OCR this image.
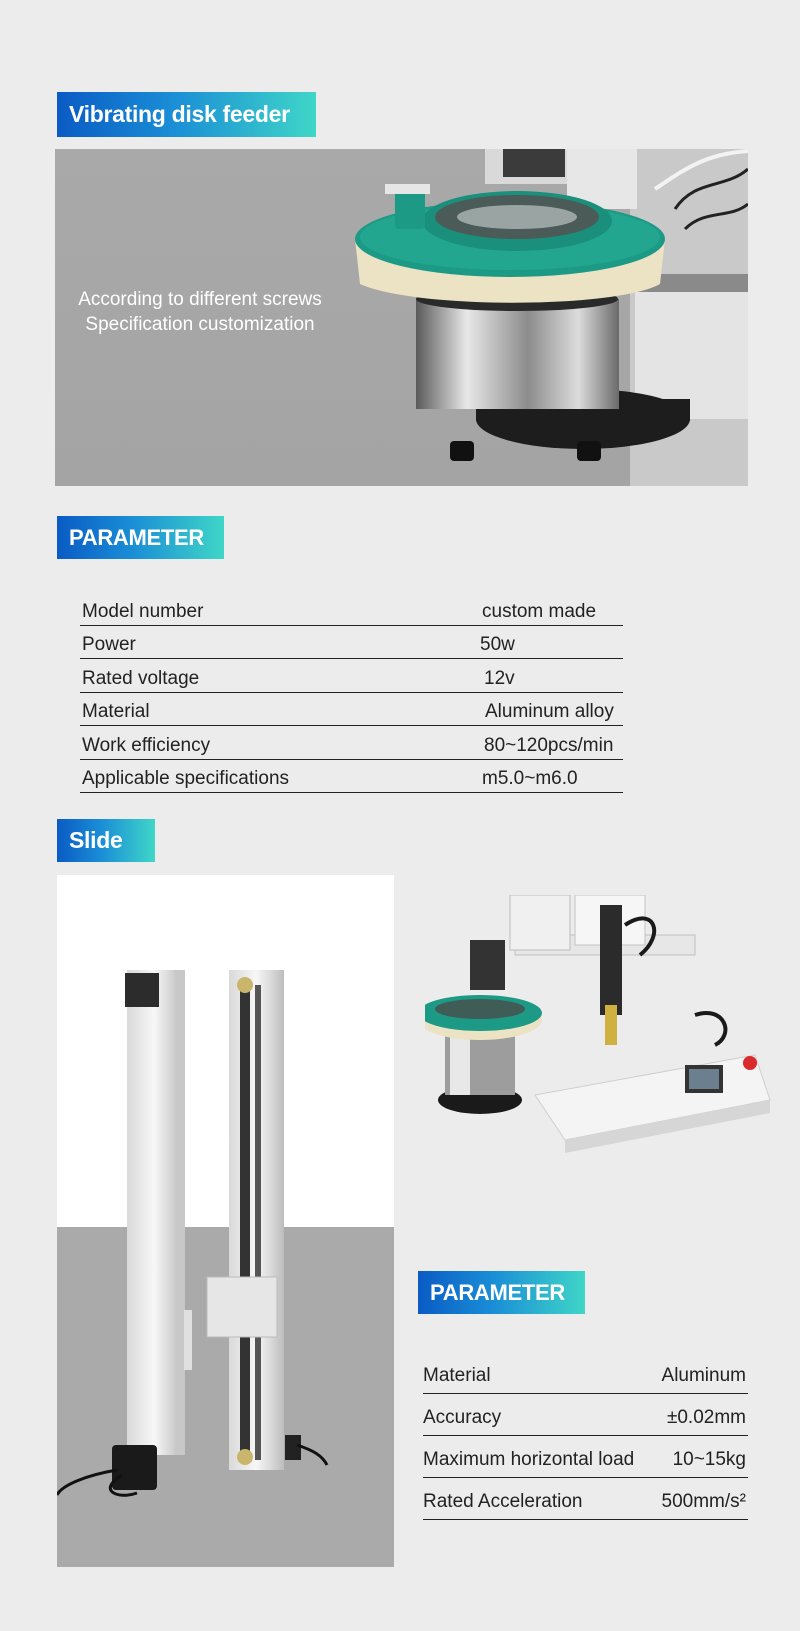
Vibrating disk feeder
According to different screws
Specification customization
PARAMETER
Model number	custom made
Power	50w
Rated voltage	12v
Material	Aluminum alloy
Work efficiency	80~120pcs/min
Applicable specifications	m5.0~m6.0
Slide
PARAMETER
Material	Aluminum
Accuracy	±0.02mm
Maximum horizontal load 10~15kg
Rated Acceleration	500mm/s²
